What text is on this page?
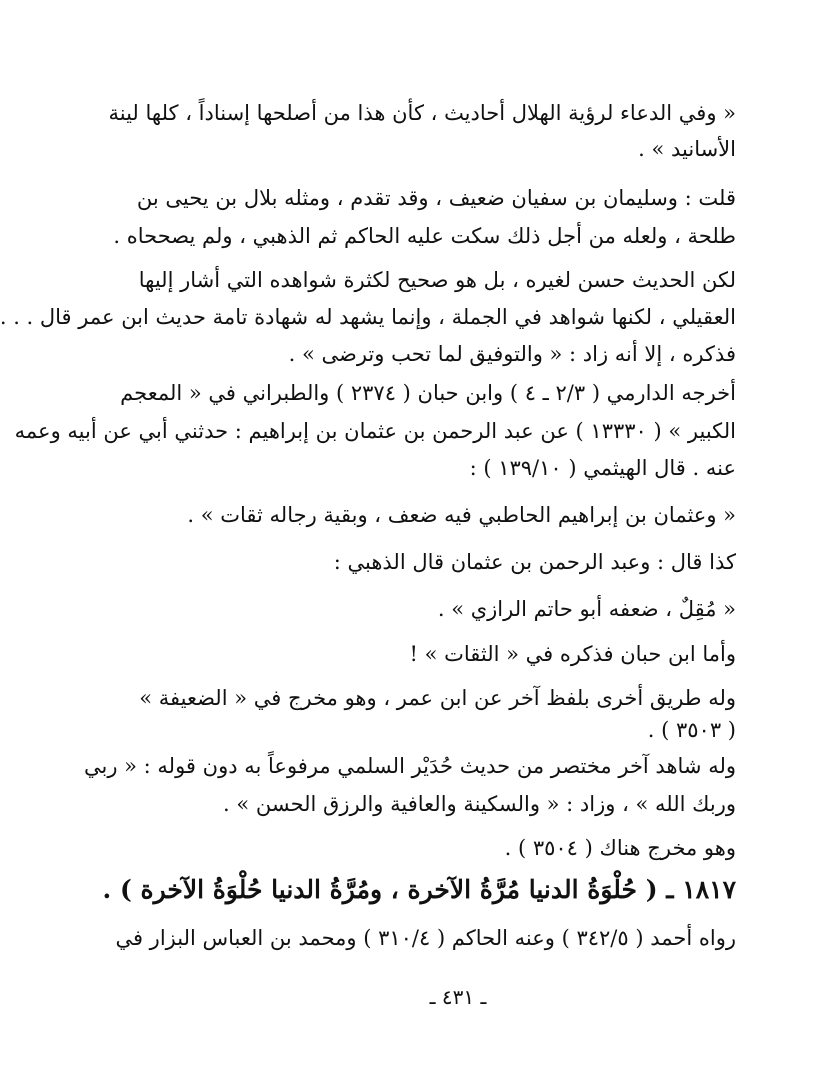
« وفي الدعاء لرؤية الهلال أحاديث ، كأن هذا من أصلحها إسناداً ، كلها لينة
الأسانيد » .
قلت : وسليمان بن سفيان ضعيف ، وقد تقدم ، ومثله بلال بن يحيى بن
طلحة ، ولعله من أجل ذلك سكت عليه الحاكم ثم الذهبي ، ولم يصححاه .
لكن الحديث حسن لغيره ، بل هو صحيح لكثرة شواهده التي أشار إليها
العقيلي ، لكنها شواهد في الجملة ، وإنما يشهد له شهادة تامة حديث ابن عمر قال . . .
فذكره ، إلا أنه زاد : « والتوفيق لما تحب وترضى » .
أخرجه الدارمي ( ٢/٣ ـ ٤ ) وابن حبان ( ٢٣٧٤ ) والطبراني في « المعجم
الكبير » ( ١٣٣٣٠ ) عن عبد الرحمن بن عثمان بن إبراهيم : حدثني أبي عن أبيه وعمه
عنه . قال الهيثمي ( ١٣٩/١٠ ) :
« وعثمان بن إبراهيم الحاطبي فيه ضعف ، وبقية رجاله ثقات » .
كذا قال : وعبد الرحمن بن عثمان قال الذهبي :
« مُقِلٌ ، ضعفه أبو حاتم الرازي » .
وأما ابن حبان فذكره في « الثقات » !
وله طريق أخرى بلفظ آخر عن ابن عمر ، وهو مخرج في « الضعيفة »
( ٣٥٠٣ ) .
وله شاهد آخر مختصر من حديث حُدَيْر السلمي مرفوعاً به دون قوله : « ربي
وربك الله » ، وزاد : « والسكينة والعافية والرزق الحسن » .
وهو مخرج هناك ( ٣٥٠٤ ) .
١٨١٧ ـ ( حُلْوَةُ الدنيا مُرَّةُ الآخرة ، ومُرَّةُ الدنيا حُلْوَةُ الآخرة ) .
رواه أحمد ( ٣٤٢/٥ ) وعنه الحاكم ( ٣١٠/٤ ) ومحمد بن العباس البزار في
ـ ٤٣١ ـ
